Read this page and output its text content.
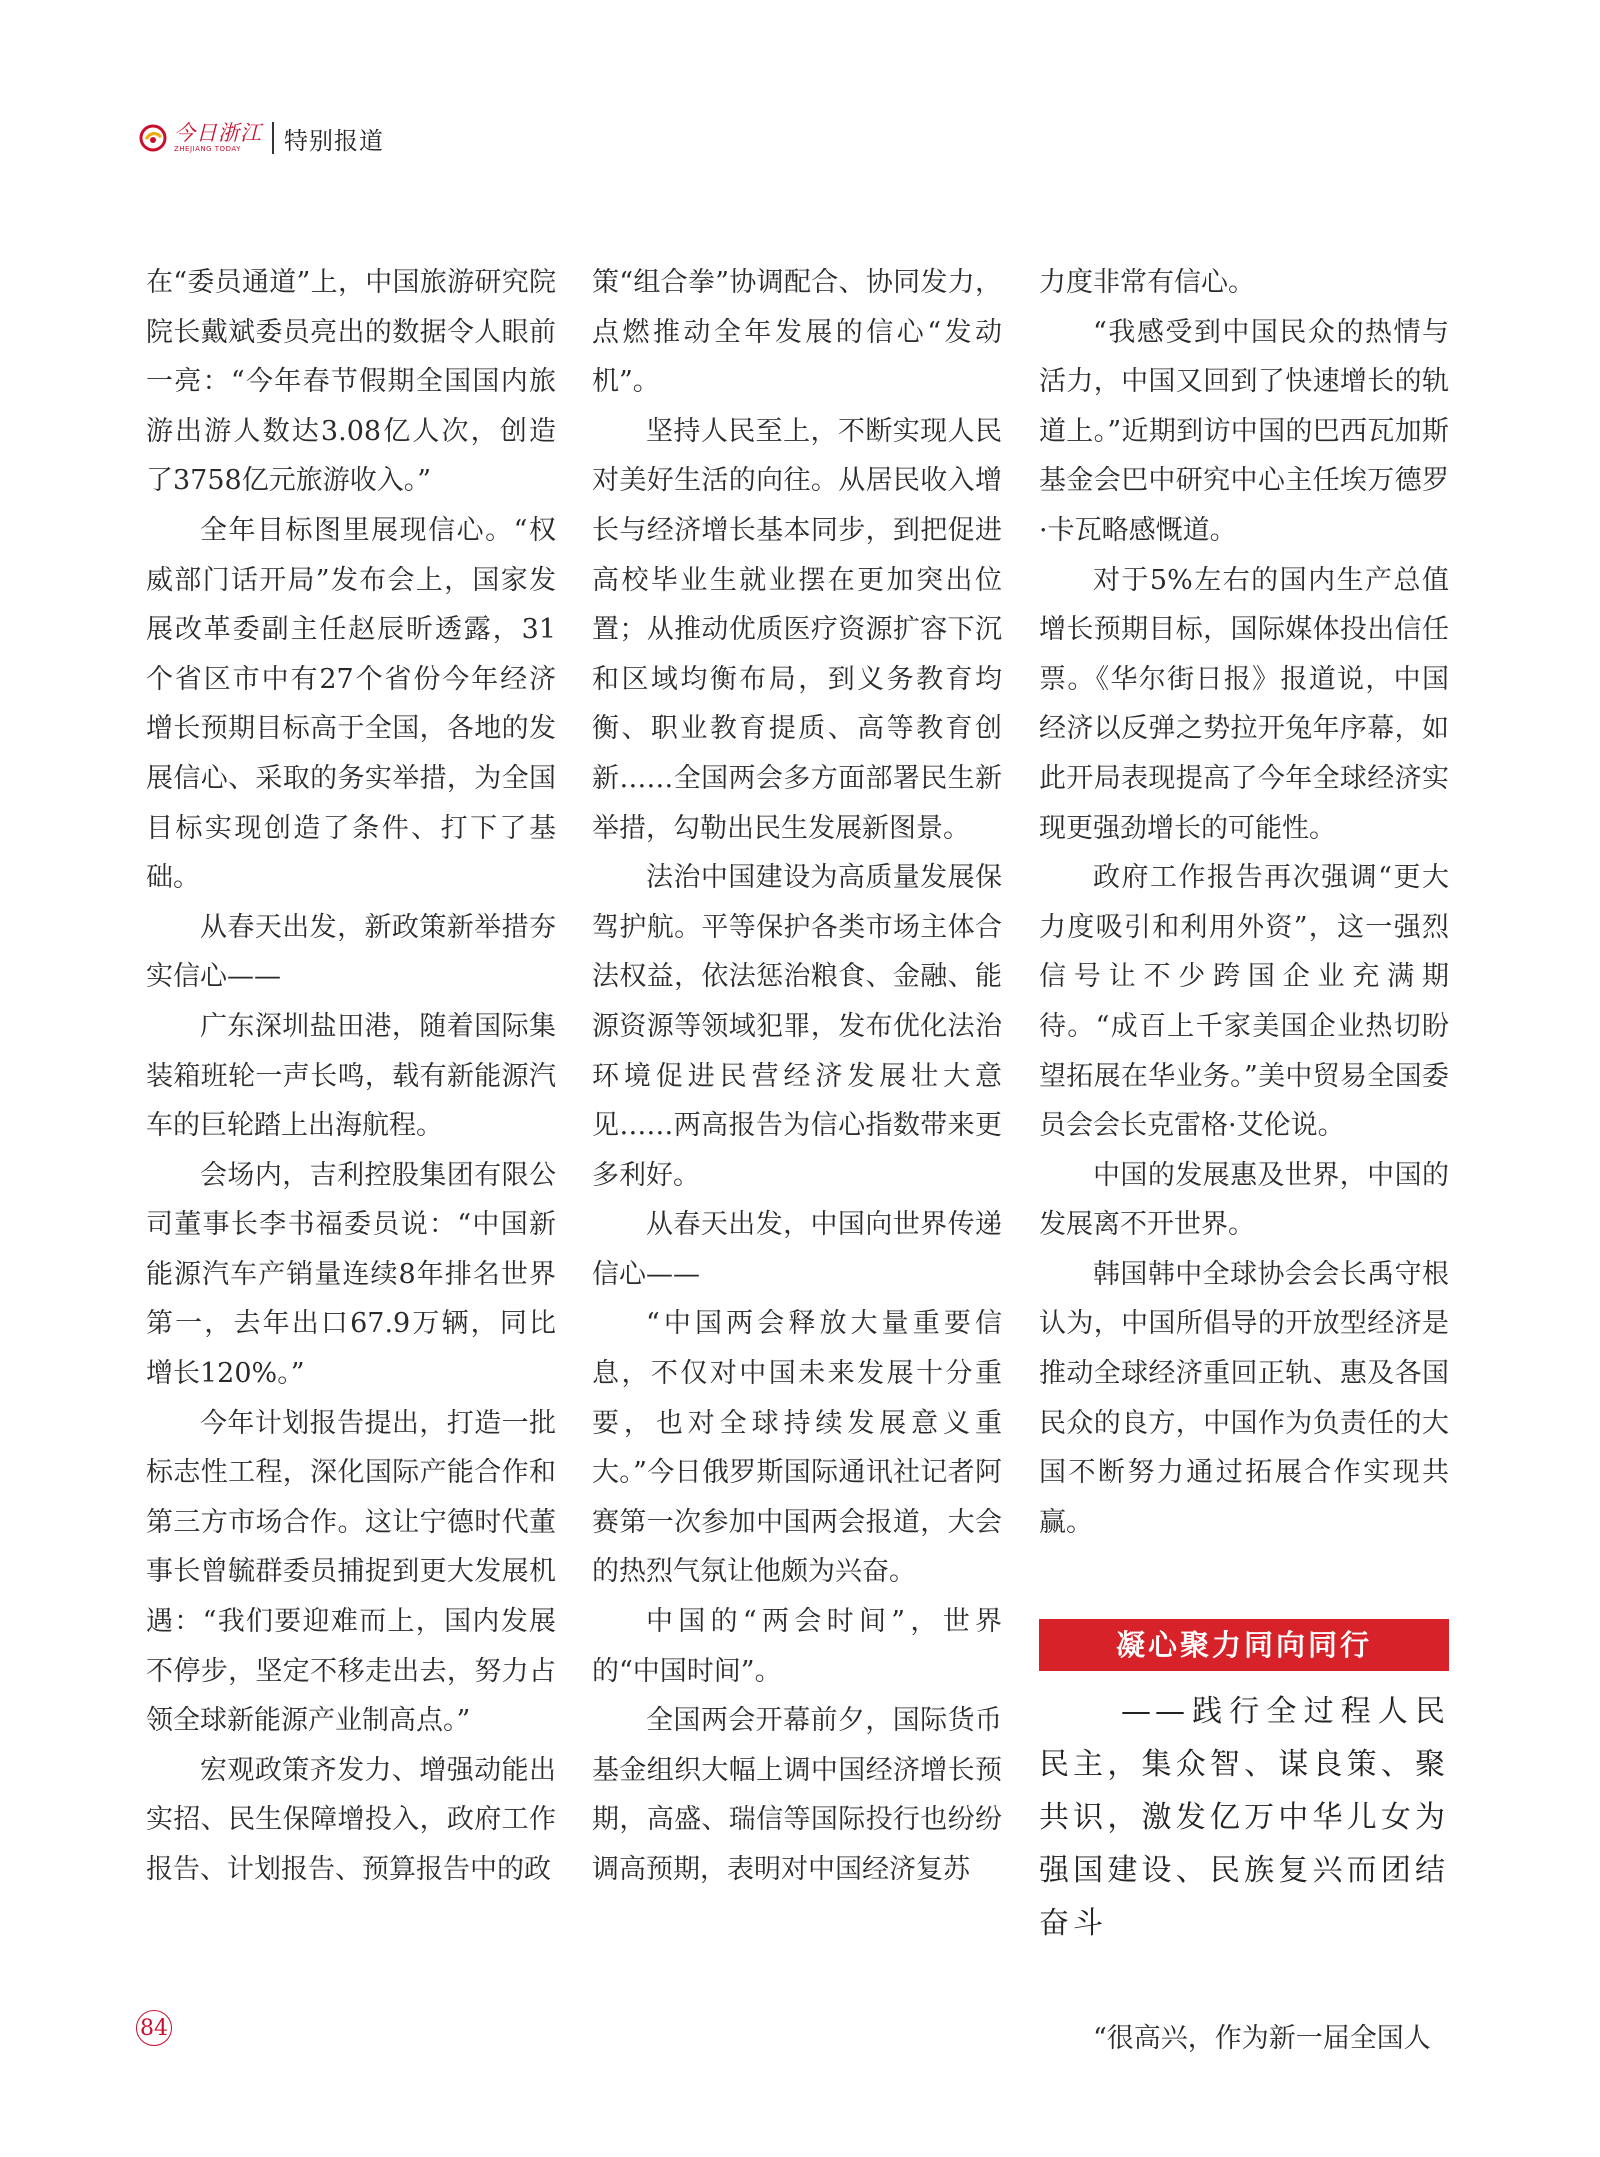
今日浙江
ZHEJIANG TODAY	特别报道

在“委员通道”上，中国旅游研究院院长戴斌委员亮出的数据令人眼前一亮：“今年春节假期全国国内旅游出游人数达3.08亿人次，创造了3758亿元旅游收入。”

全年目标图里展现信心。“权威部门话开局”发布会上，国家发展改革委副主任赵辰昕透露，31个省区市中有27个省份今年经济增长预期目标高于全国，各地的发展信心、采取的务实举措，为全国目标实现创造了条件、打下了基础。

从春天出发，新政策新举措夯实信心——

广东深圳盐田港，随着国际集装箱班轮一声长鸣，载有新能源汽车的巨轮踏上出海航程。

会场内，吉利控股集团有限公司董事长李书福委员说：“中国新能源汽车产销量连续8年排名世界第一，去年出口67.9万辆，同比增长120%。”

今年计划报告提出，打造一批标志性工程，深化国际产能合作和第三方市场合作。这让宁德时代董事长曾毓群委员捕捉到更大发展机遇：“我们要迎难而上，国内发展不停步，坚定不移走出去，努力占领全球新能源产业制高点。”

宏观政策齐发力、增强动能出实招、民生保障增投入，政府工作报告、计划报告、预算报告中的政

策“组合拳”协调配合、协同发力，点燃推动全年发展的信心“发动机”。

坚持人民至上，不断实现人民对美好生活的向往。从居民收入增长与经济增长基本同步，到把促进高校毕业生就业摆在更加突出位置；从推动优质医疗资源扩容下沉和区域均衡布局，到义务教育均衡、职业教育提质、高等教育创新……全国两会多方面部署民生新举措，勾勒出民生发展新图景。

法治中国建设为高质量发展保驾护航。平等保护各类市场主体合法权益，依法惩治粮食、金融、能源资源等领域犯罪，发布优化法治环境促进民营经济发展壮大意见……两高报告为信心指数带来更多利好。

从春天出发，中国向世界传递信心——

“中国两会释放大量重要信息，不仅对中国未来发展十分重要，也对全球持续发展意义重大。”今日俄罗斯国际通讯社记者阿赛第一次参加中国两会报道，大会的热烈气氛让他颇为兴奋。

中国的“两会时间”，世界的“中国时间”。

全国两会开幕前夕，国际货币基金组织大幅上调中国经济增长预期，高盛、瑞信等国际投行也纷纷调高预期，表明对中国经济复苏

力度非常有信心。

“我感受到中国民众的热情与活力，中国又回到了快速增长的轨道上。”近期到访中国的巴西瓦加斯基金会巴中研究中心主任埃万德罗·卡瓦略感慨道。

对于5%左右的国内生产总值增长预期目标，国际媒体投出信任票。《华尔街日报》报道说，中国经济以反弹之势拉开兔年序幕，如此开局表现提高了今年全球经济实现更强劲增长的可能性。

政府工作报告再次强调“更大力度吸引和利用外资”，这一强烈信号让不少跨国企业充满期待。“成百上千家美国企业热切盼望拓展在华业务。”美中贸易全国委员会会长克雷格·艾伦说。

中国的发展惠及世界，中国的发展离不开世界。

韩国韩中全球协会会长禹守根认为，中国所倡导的开放型经济是推动全球经济重回正轨、惠及各国民众的良方，中国作为负责任的大国不断努力通过拓展合作实现共赢。

凝心聚力同向同行
——践行全过程人民民主，集众智、谋良策、聚共识，激发亿万中华儿女为强国建设、民族复兴而团结奋斗

“很高兴，作为新一届全国人

84
